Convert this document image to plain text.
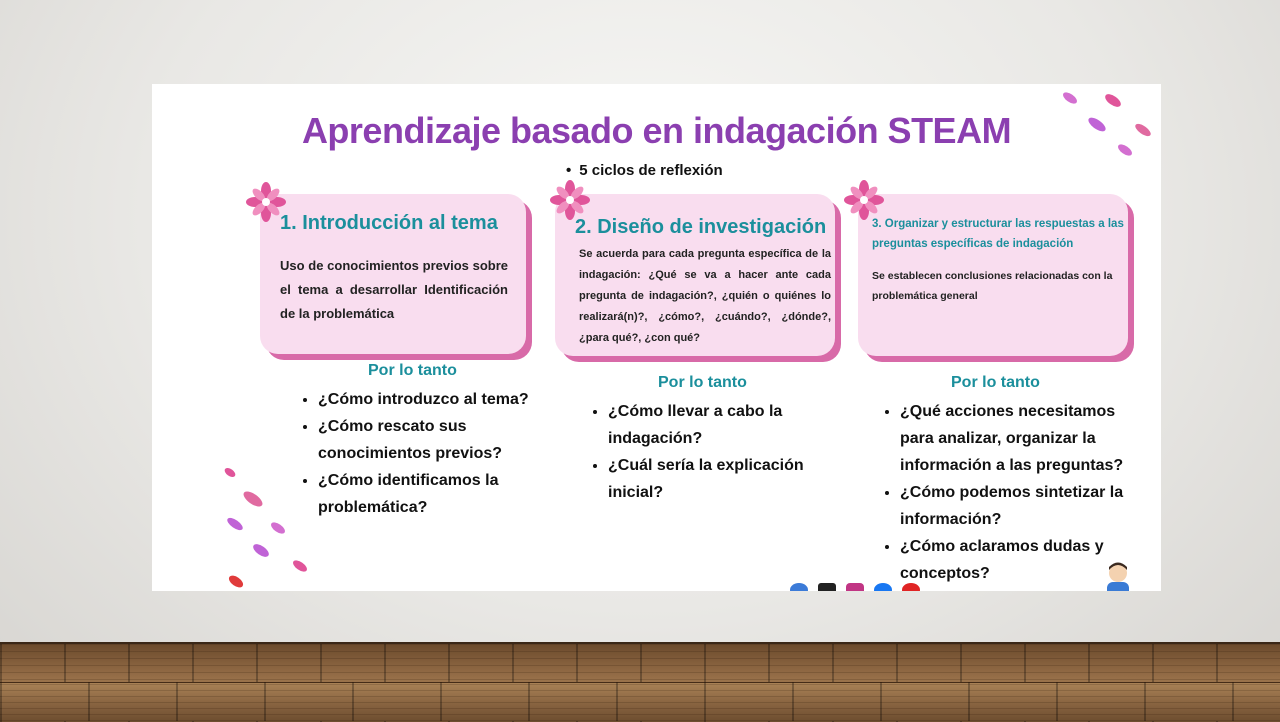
Aprendizaje basado en indagación STEAM
• 5 ciclos de reflexión
1. Introducción al tema

Uso de conocimientos previos sobre el tema a desarrollar Identificación de la problemática

2. Diseño de investigación

Se acuerda para cada pregunta específica de la indagación: ¿Qué se va a hacer ante cada pregunta de indagación?, ¿quién o quiénes lo realizará(n)?, ¿cómo?, ¿cuándo?, ¿dónde?, ¿para qué?, ¿con qué?

3. Organizar y estructurar las respuestas a las preguntas específicas de indagación

Se establecen conclusiones relacionadas con la problemática general

Por lo tanto
• ¿Cómo introduzco al tema?
• ¿Cómo rescato sus conocimientos previos?
• ¿Cómo identificamos la problemática?
Por lo tanto
• ¿Cómo llevar a cabo la indagación?
• ¿Cuál sería la explicación inicial?
Por lo tanto
• ¿Qué acciones necesitamos para analizar, organizar la información a las preguntas?
• ¿Cómo podemos sintetizar la información?
• ¿Cómo aclaramos dudas y conceptos?
